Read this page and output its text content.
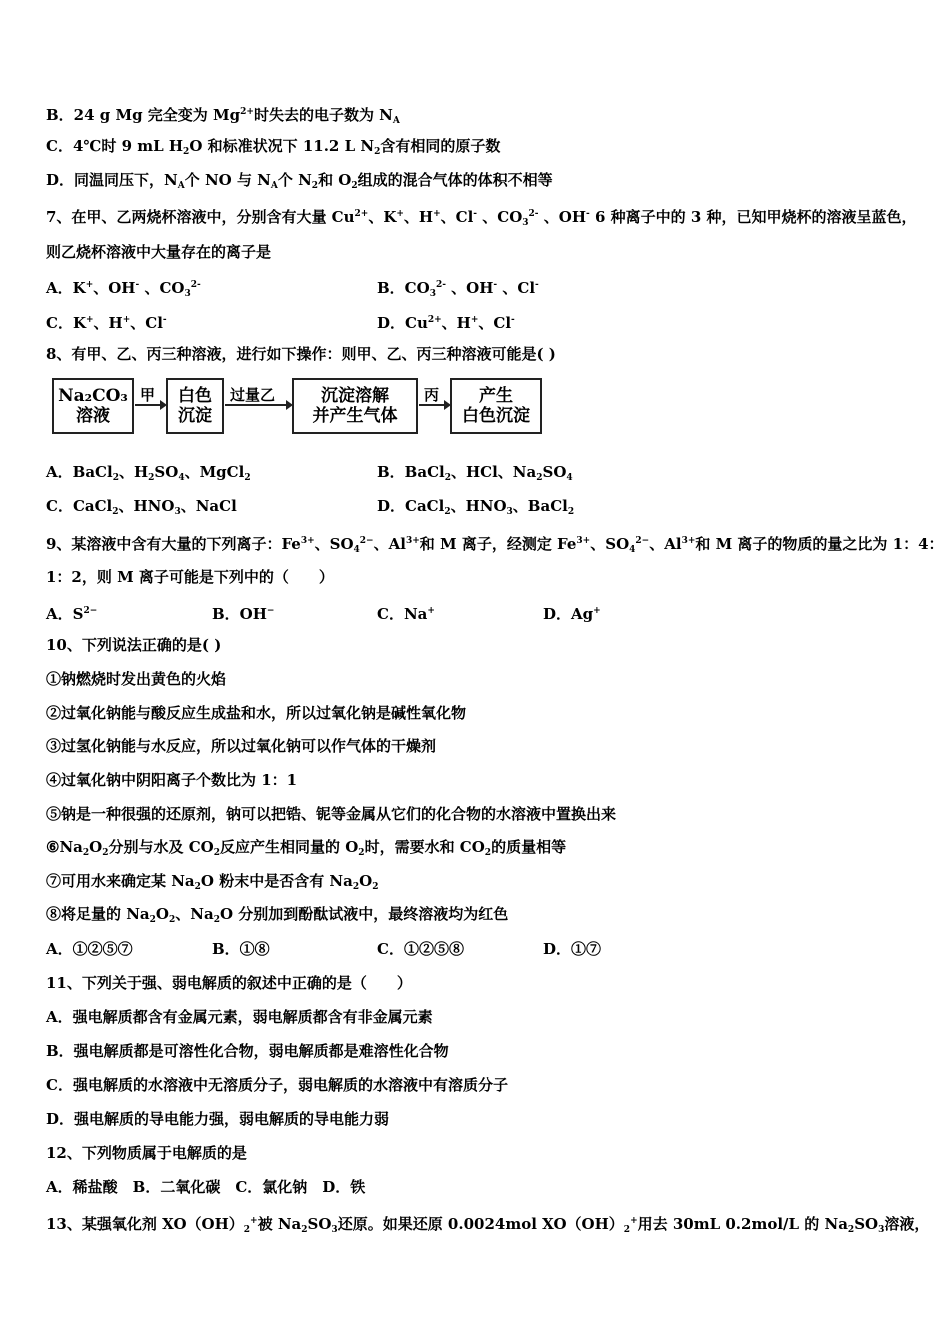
B．24 g Mg 完全变为 $Mg^{2+}$时失去的电子数为 $N_A$
C．4℃时 9 mL $H_2O$ 和标准状况下 11.2 L $N_2$含有相同的原子数
D．同温同压下，$N_A$个 NO 与 $N_A$个 $N_2$和 $O_2$组成的混合气体的体积不相等
7、在甲、乙两烧杯溶液中，分别含有大量 $Cu^{2+}$、K+、H+、Cl- 、$CO_3^{2-}$ 、OH- 6 种离子中的 3 种，已知甲烧杯的溶液呈蓝色，
则乙烧杯溶液中大量存在的离子是
A．K+、OH- 、$CO_3^{2-}$	B．$CO_3^{2-}$ 、OH- 、Cl-
C．K+、H+、Cl-	D．$Cu^{2+}$、H+、Cl-
8、有甲、乙、丙三种溶液，进行如下操作：则甲、乙、丙三种溶液可能是( )
A．BaCl$_2$、$H_2SO_4$、MgCl$_2$	B．BaCl$_2$、HCl、$Na_2SO_4$
C．CaCl$_2$、$HNO_3$、NaCl	D．CaCl$_2$、$HNO_3$、BaCl$_2$
9、某溶液中含有大量的下列离子：$Fe^{3+}$、$SO_4^{2-}$、$Al^{3+}$和 M 离子，经测定 $Fe^{3+}$、$SO_4^{2-}$、$Al^{3+}$和 M 离子的物质的量之比为 1：4：
1：2，则 M 离子可能是下列中的（　　）
A．$S^{2-}$	B．OH−	C．Na+	D．Ag+
10、下列说法正确的是( )
①钠燃烧时发出黄色的火焰
②过氧化钠能与酸反应生成盐和水，所以过氧化钠是碱性氧化物
③过氢化钠能与水反应，所以过氧化钠可以作气体的干燥剂
④过氧化钠中阴阳离子个数比为 1：1
⑤钠是一种很强的还原剂，钠可以把锆、铌等金属从它们的化合物的水溶液中置换出来
$⑥Na_2O_2$分别与水及 $CO_2$反应产生相同量的 $O_2$时，需要水和 $CO_2$的质量相等
⑦可用水来确定某 $Na_2O$ 粉末中是否含有 $Na_2O_2$
⑧将足量的 $Na_2O_2$、$Na_2O$ 分别加到酚酞试液中，最终溶液均为红色
A．①②⑤⑦	B．①⑧	C．①②⑤⑧	D．①⑦
11、下列关于强、弱电解质的叙述中正确的是（　　）
A．强电解质都含有金属元素，弱电解质都含有非金属元素
B．强电解质都是可溶性化合物，弱电解质都是难溶性化合物
C．强电解质的水溶液中无溶质分子，弱电解质的水溶液中有溶质分子
D．强电解质的导电能力强，弱电解质的导电能力弱
12、下列物质属于电解质的是
A．稀盐酸　B．二氧化碳　C．氯化钠　D．铁
13、某强氧化剂 $XO(OH)_2^+$被 $Na_2SO_3$还原。如果还原 0.0024mol $XO(OH)_2^+$用去 30mL 0.2mol/L 的 $Na_2SO_3$溶液，
Na₂CO₃
溶液
甲	白色
沉淀
过量乙	沉淀溶解
并产生气体
丙	产生
白色沉淀
